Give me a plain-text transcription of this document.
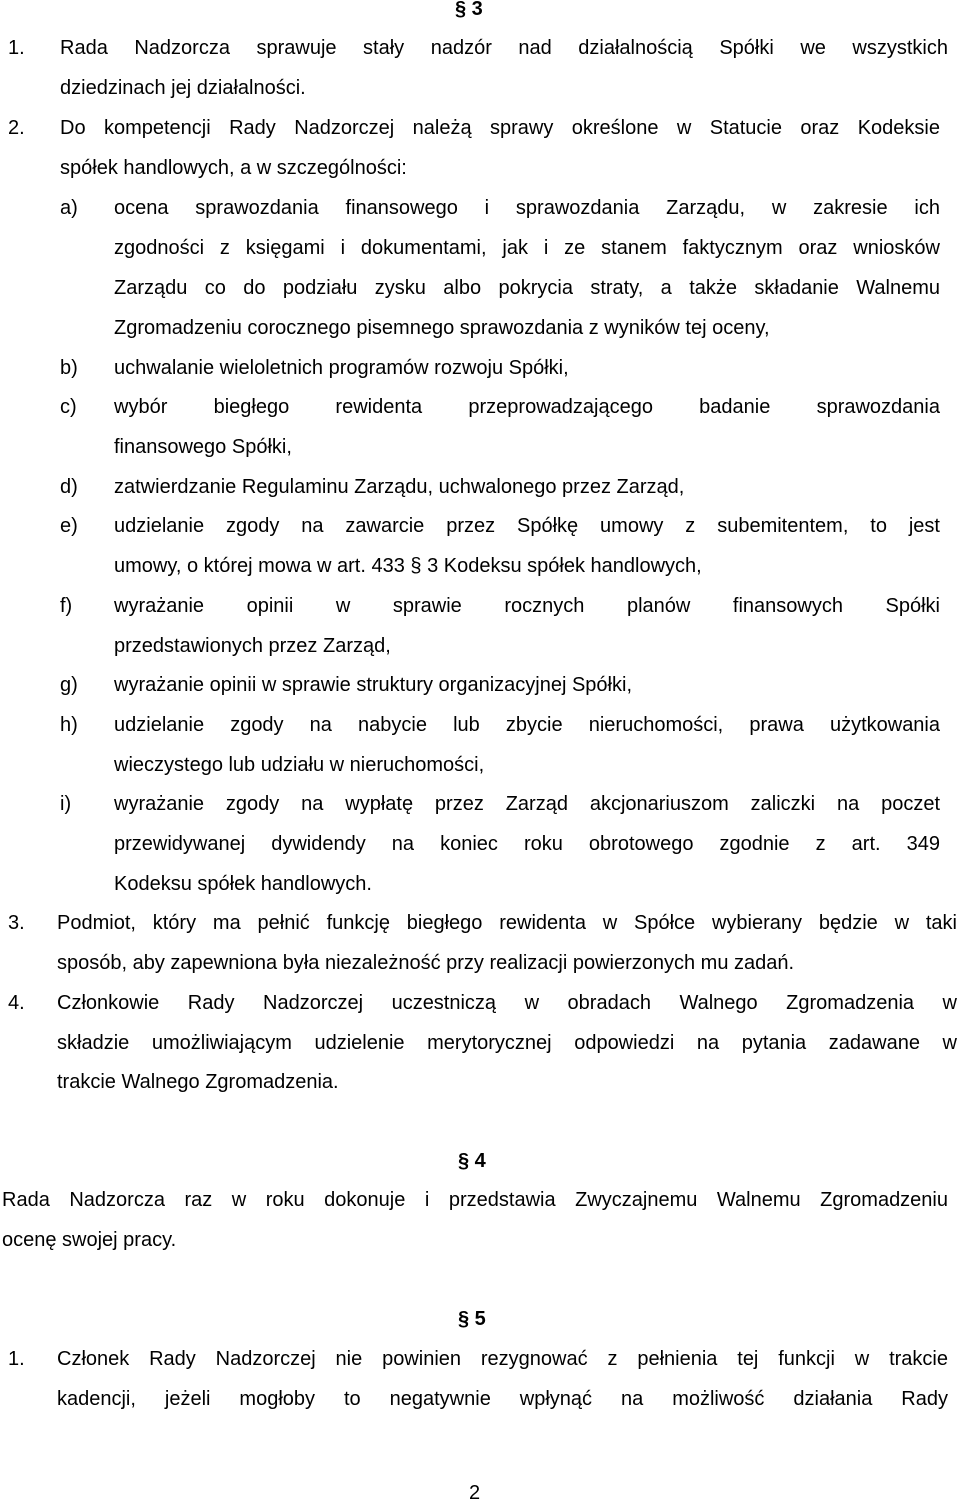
§ 3
1. Rada Nadzorcza sprawuje stały nadzór nad działalnością Spółki we wszystkich
dziedzinach jej działalności.
2. Do kompetencji Rady Nadzorczej należą sprawy określone w Statucie oraz Kodeksie
spółek handlowych, a w szczególności:
a) ocena sprawozdania finansowego i sprawozdania Zarządu, w zakresie ich
zgodności z księgami i dokumentami, jak i ze stanem faktycznym oraz wniosków
Zarządu co do podziału zysku albo pokrycia straty, a także składanie Walnemu
Zgromadzeniu corocznego pisemnego sprawozdania z wyników tej oceny,
b) uchwalanie wieloletnich programów rozwoju Spółki,
c) wybór biegłego rewidenta przeprowadzającego badanie sprawozdania
finansowego Spółki,
d) zatwierdzanie Regulaminu Zarządu, uchwalonego przez Zarząd,
e) udzielanie zgody na zawarcie przez Spółkę umowy z subemitentem, to jest
umowy, o której mowa w art. 433 § 3 Kodeksu spółek handlowych,
f) wyrażanie opinii w sprawie rocznych planów finansowych Spółki
przedstawionych przez Zarząd,
g) wyrażanie opinii w sprawie struktury organizacyjnej Spółki,
h) udzielanie zgody na nabycie lub zbycie nieruchomości, prawa użytkowania
wieczystego lub udziału w nieruchomości,
i) wyrażanie zgody na wypłatę przez Zarząd akcjonariuszom zaliczki na poczet
przewidywanej dywidendy na koniec roku obrotowego zgodnie z art. 349
Kodeksu spółek handlowych.
3. Podmiot, który ma pełnić funkcję biegłego rewidenta w Spółce wybierany będzie w taki
sposób, aby zapewniona była niezależność przy realizacji powierzonych mu zadań.
4. Członkowie Rady Nadzorczej uczestniczą w obradach Walnego Zgromadzenia w
składzie umożliwiającym udzielenie merytorycznej odpowiedzi na pytania zadawane w
trakcie Walnego Zgromadzenia.
§ 4
Rada Nadzorcza raz w roku dokonuje i przedstawia Zwyczajnemu Walnemu Zgromadzeniu
ocenę swojej pracy.
§ 5
1. Członek Rady Nadzorczej nie powinien rezygnować z pełnienia tej funkcji w trakcie
kadencji, jeżeli mogłoby to negatywnie wpłynąć na możliwość działania Rady
2
